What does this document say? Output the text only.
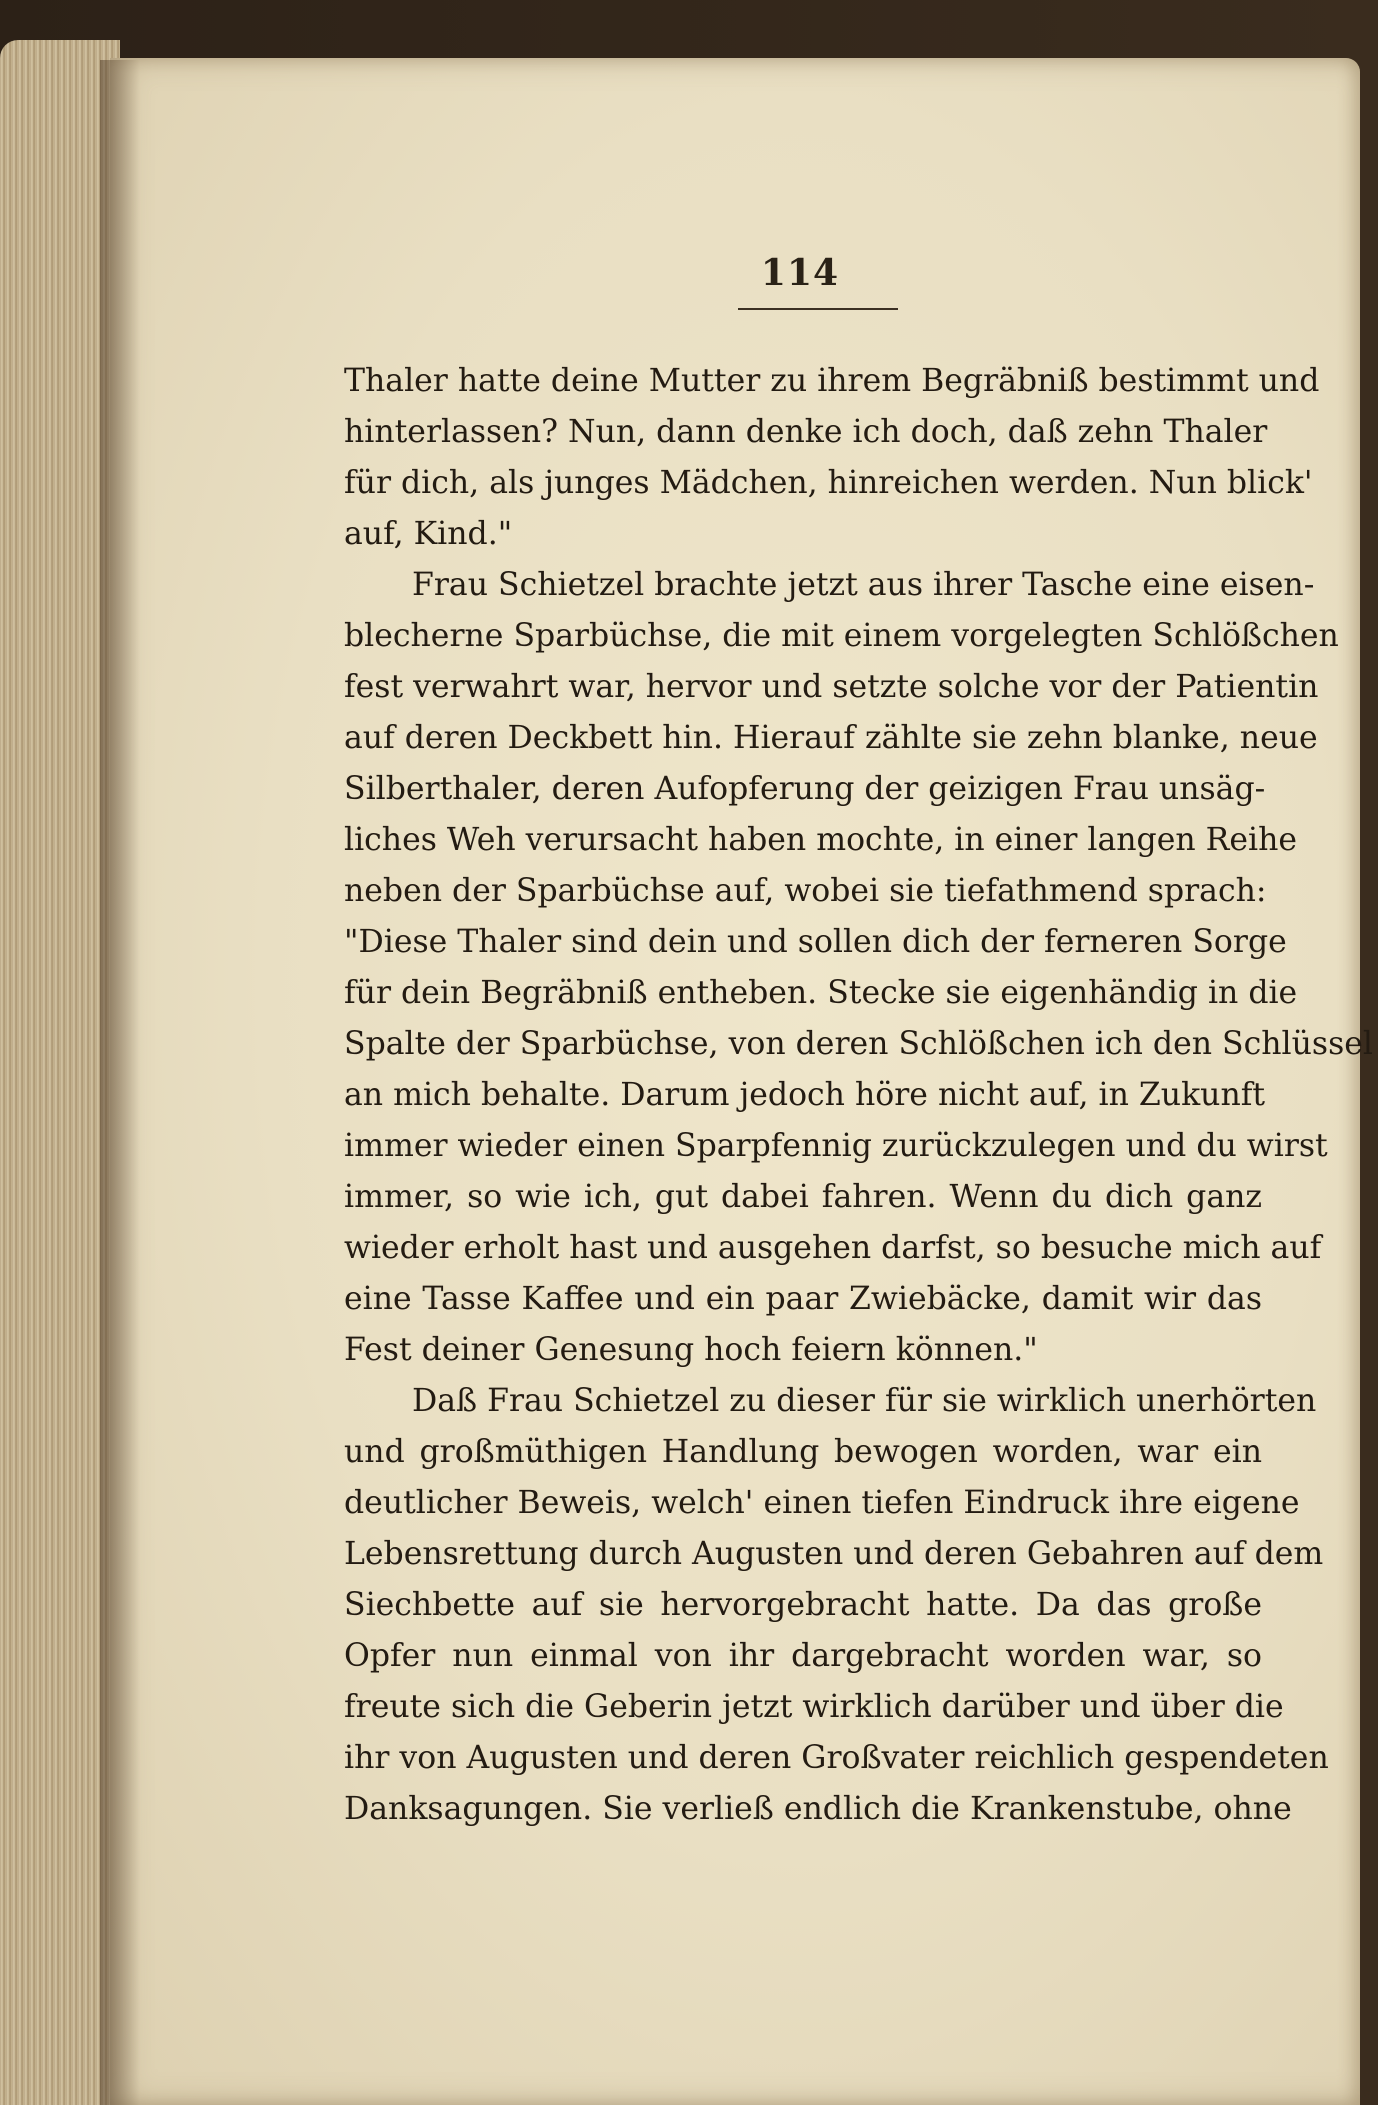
114
Thaler hatte deine Mutter zu ihrem Begräbniß bestimmt und
hinterlassen? Nun, dann denke ich doch, daß zehn Thaler
für dich, als junges Mädchen, hinreichen werden. Nun blick'
auf, Kind."
Frau Schietzel brachte jetzt aus ihrer Tasche eine eisen-
blecherne Sparbüchse, die mit einem vorgelegten Schlößchen
fest verwahrt war, hervor und setzte solche vor der Patientin
auf deren Deckbett hin. Hierauf zählte sie zehn blanke, neue
Silberthaler, deren Aufopferung der geizigen Frau unsäg-
liches Weh verursacht haben mochte, in einer langen Reihe
neben der Sparbüchse auf, wobei sie tiefathmend sprach:
"Diese Thaler sind dein und sollen dich der ferneren Sorge
für dein Begräbniß entheben. Stecke sie eigenhändig in die
Spalte der Sparbüchse, von deren Schlößchen ich den Schlüssel
an mich behalte. Darum jedoch höre nicht auf, in Zukunft
immer wieder einen Sparpfennig zurückzulegen und du wirst
immer, so wie ich, gut dabei fahren. Wenn du dich ganz
wieder erholt hast und ausgehen darfst, so besuche mich auf
eine Tasse Kaffee und ein paar Zwiebäcke, damit wir das
Fest deiner Genesung hoch feiern können."
Daß Frau Schietzel zu dieser für sie wirklich unerhörten
und großmüthigen Handlung bewogen worden, war ein
deutlicher Beweis, welch' einen tiefen Eindruck ihre eigene
Lebensrettung durch Augusten und deren Gebahren auf dem
Siechbette auf sie hervorgebracht hatte. Da das große
Opfer nun einmal von ihr dargebracht worden war, so
freute sich die Geberin jetzt wirklich darüber und über die
ihr von Augusten und deren Großvater reichlich gespendeten
Danksagungen. Sie verließ endlich die Krankenstube, ohne
